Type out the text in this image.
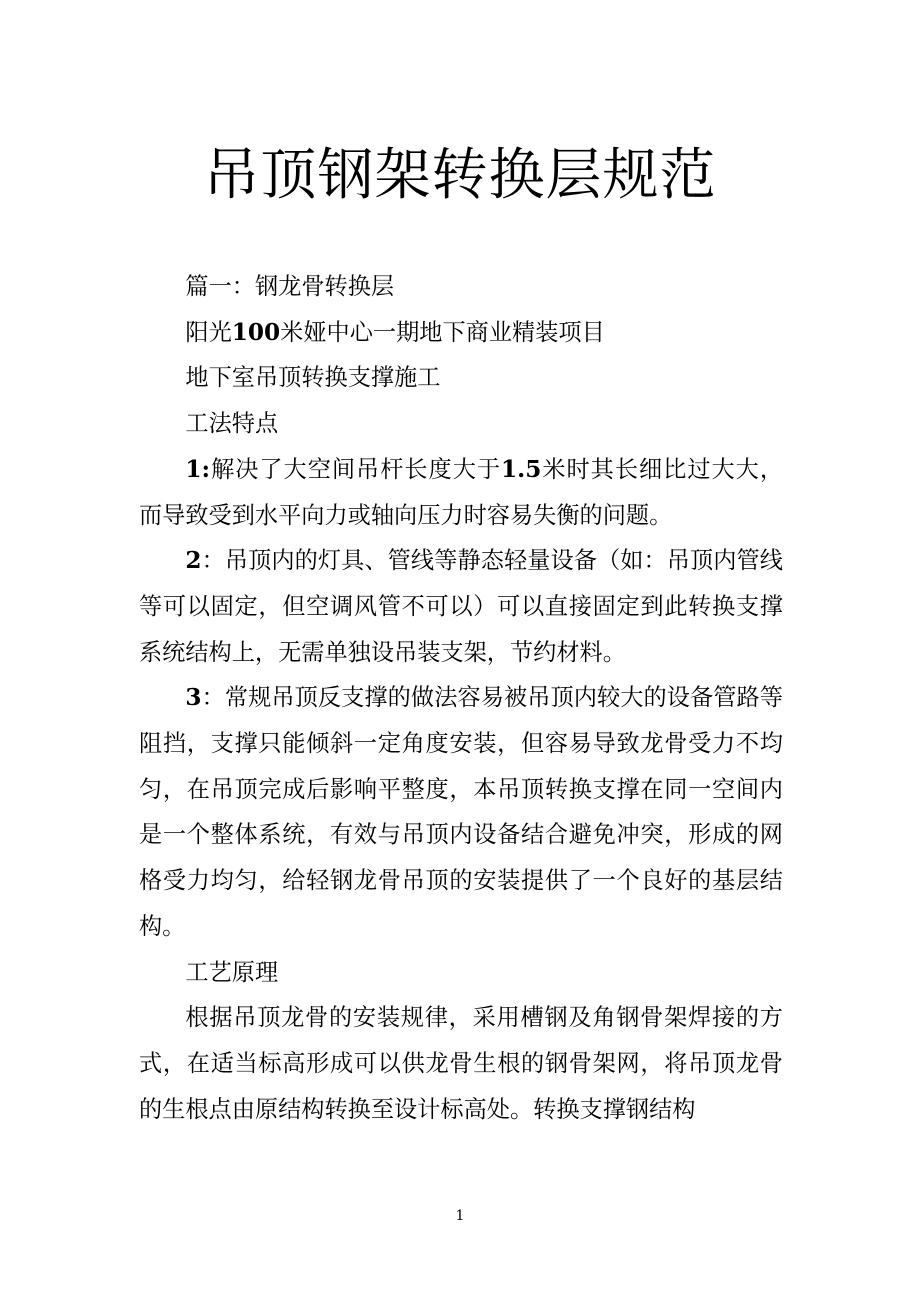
吊顶钢架转换层规范

篇一：钢龙骨转换层

阳光100米娅中心一期地下商业精装项目

地下室吊顶转换支撑施工

工法特点

1:解决了大空间吊杆长度大于1.5米时其长细比过大大，而导致受到水平向力或轴向压力时容易失衡的问题。

2：吊顶内的灯具、管线等静态轻量设备（如：吊顶内管线等可以固定，但空调风管不可以）可以直接固定到此转换支撑系统结构上，无需单独设吊装支架，节约材料。

3：常规吊顶反支撑的做法容易被吊顶内较大的设备管路等阻挡，支撑只能倾斜一定角度安装，但容易导致龙骨受力不均匀，在吊顶完成后影响平整度，本吊顶转换支撑在同一空间内是一个整体系统，有效与吊顶内设备结合避免冲突，形成的网格受力均匀，给轻钢龙骨吊顶的安装提供了一个良好的基层结构。

工艺原理

根据吊顶龙骨的安装规律，采用槽钢及角钢骨架焊接的方式，在适当标高形成可以供龙骨生根的钢骨架网，将吊顶龙骨的生根点由原结构转换至设计标高处。转换支撑钢结构

1
